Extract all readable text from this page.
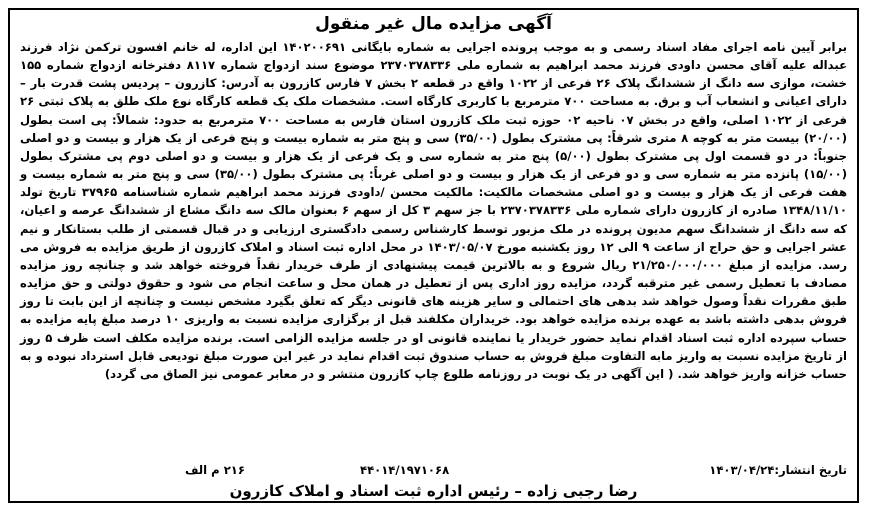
آگهی مزایده مال غیر منقول
برابر آیین نامه اجرای مفاد اسناد رسمی و به موجب پرونده اجرایی به شماره بایگانی ۱۴۰۲۰۰۶۹۱ این اداره، له خانم افسون ترکمن نژاد فرزند عبداله علیه آقای محسن داودی فرزند محمد ابراهیم به شماره ملی ۲۳۷۰۳۷۸۳۳۶ موضوع سند ازدواج شماره ۸۱۱۷ دفترخانه ازدواج شماره ۱۵۵ خشت، موازی سه دانگ از ششدانگ پلاک ۲۶ فرعی از ۱۰۲۲ واقع در قطعه ۲ بخش ۷ فارس کازرون به آدرس: کازرون – پردیس پشت قدرت بار – دارای اعیانی و انشعاب آب و برق. به مساحت ۷۰۰ مترمربع با کاربری کارگاه است. مشخصات ملک یک قطعه کارگاه نوع ملک طلق به پلاک ثبتی ۲۶ فرعی از ۱۰۲۲ اصلی، واقع در بخش ۰۷ ناحیه ۰۲ حوزه ثبت ملک کازرون استان فارس به مساحت ۷۰۰ مترمربع به حدود: شمالاً: پی است بطول (۲۰/۰۰) بیست متر به کوچه ۸ متری شرقاً: پی مشترک بطول (۳۵/۰۰) سی و پنج متر به شماره بیست و پنج فرعی از یک هزار و بیست و دو اصلی جنوباً: در دو قسمت اول پی مشترک بطول (۵/۰۰) پنج متر به شماره سی و یک فرعی از یک هزار و بیست و دو اصلی دوم پی مشترک بطول (۱۵/۰۰) پانزده متر به شماره سی و دو فرعی از یک هزار و بیست و دو اصلی غرباً: پی مشترک بطول (۳۵/۰۰) سی و پنج متر به شماره بیست و هفت فرعی از یک هزار و بیست و دو اصلی مشخصات مالکیت: مالکیت محسن /داودی فرزند محمد ابراهیم شماره شناسنامه ۳۷۹۶۵ تاریخ تولد ۱۳۴۸/۱۱/۱۰ صادره از کازرون دارای شماره ملی ۲۳۷۰۳۷۸۳۳۶ با جز سهم ۳ کل از سهم ۶ بعنوان مالک سه دانگ مشاع از ششدانگ عرصه و اعیان، که سه دانگ از ششدانگ سهم مدیون پرونده در ملک مزبور توسط کارشناس رسمی دادگستری ارزیابی و در قبال قسمتی از طلب بستانکار و نیم عشر اجرایی و حق حراج از ساعت ۹ الی ۱۲ روز یکشنبه مورخ ۱۴۰۳/۰۵/۰۷ در محل اداره ثبت اسناد و املاک کازرون از طریق مزایده به فروش می رسد. مزایده از مبلغ ۲۱/۲۵۰/۰۰۰/۰۰۰ ریال شروع و به بالاترین قیمت پیشنهادی از طرف خریدار نقداً فروخته خواهد شد و چنانچه روز مزایده مصادف با تعطیل رسمی غیر مترقبه گردد، مزایده روز اداری پس از تعطیل در همان محل و ساعت انجام می شود و حقوق دولتی و حق مزایده طبق مقررات نقداً وصول خواهد شد بدهی های احتمالی و سایر هزینه های قانونی دیگر که تعلق بگیرد مشخص نیست و چنانچه از این بابت تا روز فروش بدهی داشته باشد به عهده برنده مزایده خواهد بود. خریداران مکلفند قبل از برگزاری مزایده نسبت به واریزی ۱۰ درصد مبلغ پایه مزایده به حساب سپرده اداره ثبت اسناد اقدام نماید حضور خریدار یا نماینده قانونی او در جلسه مزایده الزامی است. برنده مزایده مکلف است ظرف ۵ روز از تاریخ مزایده نسبت به واریز مابه التفاوت مبلغ فروش به حساب صندوق ثبت اقدام نماید در غیر این صورت مبلغ تودیعی قابل استرداد نبوده و به حساب خزانه واریز خواهد شد. ( این آگهی در یک نوبت در روزنامه طلوع چاپ کازرون منتشر و در معابر عمومی نیز الصاق می گردد)
تاریخ انتشار:۱۴۰۳/۰۴/۲۴
۴۴۰۱۴/۱۹۷۱۰۶۸
۲۱۶ م الف
رضا رجبی زاده – رئیس اداره ثبت اسناد و املاک کازرون
